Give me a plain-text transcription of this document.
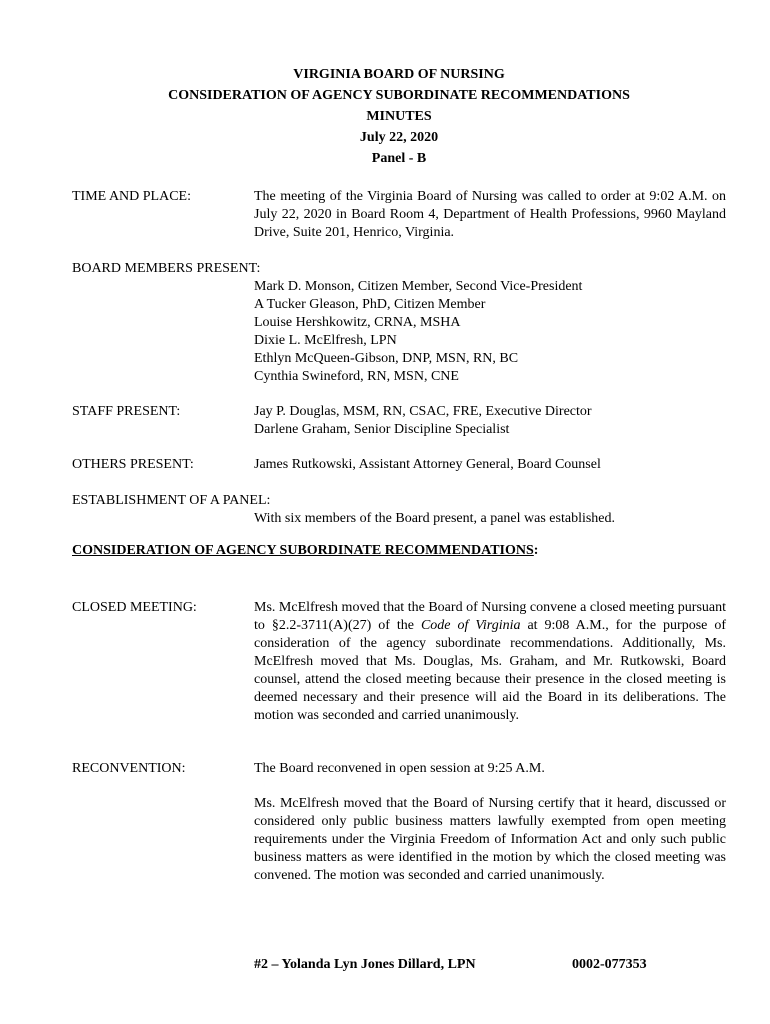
VIRGINIA BOARD OF NURSING
CONSIDERATION OF AGENCY SUBORDINATE RECOMMENDATIONS
MINUTES
July 22, 2020
Panel - B
TIME AND PLACE:	The meeting of the Virginia Board of Nursing was called to order at 9:02 A.M. on July 22, 2020 in Board Room 4, Department of Health Professions, 9960 Mayland Drive, Suite 201, Henrico, Virginia.
BOARD MEMBERS PRESENT:
Mark D. Monson, Citizen Member, Second Vice-President
A Tucker Gleason, PhD, Citizen Member
Louise Hershkowitz, CRNA, MSHA
Dixie L. McElfresh, LPN
Ethlyn McQueen-Gibson, DNP, MSN, RN, BC
Cynthia Swineford, RN, MSN, CNE
STAFF PRESENT:	Jay P. Douglas, MSM, RN, CSAC, FRE, Executive Director
Darlene Graham, Senior Discipline Specialist
OTHERS PRESENT:	James Rutkowski, Assistant Attorney General, Board Counsel
ESTABLISHMENT OF A PANEL:
With six members of the Board present, a panel was established.
CONSIDERATION OF AGENCY SUBORDINATE RECOMMENDATIONS:
CLOSED MEETING:	Ms. McElfresh moved that the Board of Nursing convene a closed meeting pursuant to §2.2-3711(A)(27) of the Code of Virginia at 9:08 A.M., for the purpose of consideration of the agency subordinate recommendations. Additionally, Ms. McElfresh moved that Ms. Douglas, Ms. Graham, and Mr. Rutkowski, Board counsel, attend the closed meeting because their presence in the closed meeting is deemed necessary and their presence will aid the Board in its deliberations. The motion was seconded and carried unanimously.
RECONVENTION:	The Board reconvened in open session at 9:25 A.M.
Ms. McElfresh moved that the Board of Nursing certify that it heard, discussed or considered only public business matters lawfully exempted from open meeting requirements under the Virginia Freedom of Information Act and only such public business matters as were identified in the motion by which the closed meeting was convened. The motion was seconded and carried unanimously.
#2 – Yolanda Lyn Jones Dillard, LPN	0002-077353
